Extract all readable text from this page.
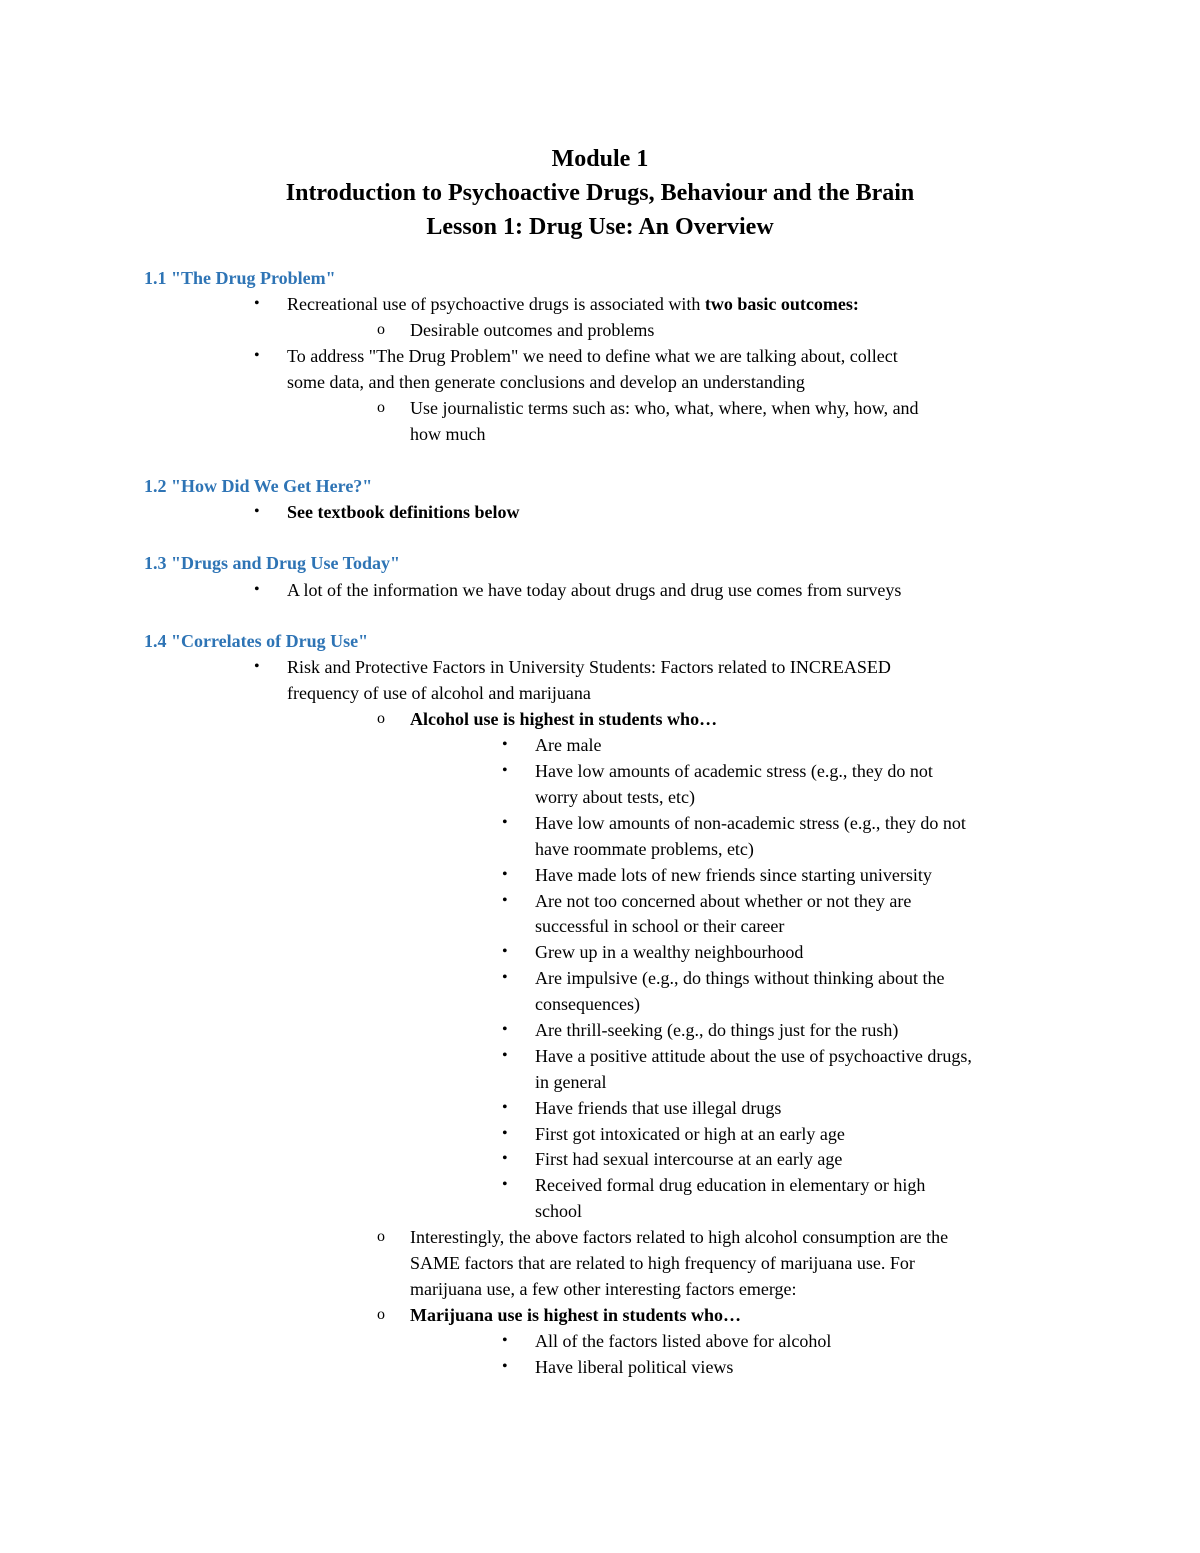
Module 1

Introduction to Psychoactive Drugs, Behaviour and the Brain

Lesson 1: Drug Use: An Overview

1.1 "The Drug Problem"

• Recreational use of psychoactive drugs is associated with two basic outcomes:
o Desirable outcomes and problems
• To address "The Drug Problem" we need to define what we are talking about, collect
some data, and then generate conclusions and develop an understanding
o Use journalistic terms such as: who, what, where, when why, how, and
how much

1.2 "How Did We Get Here?"

• See textbook definitions below

1.3 "Drugs and Drug Use Today"

• A lot of the information we have today about drugs and drug use comes from surveys

1.4 "Correlates of Drug Use"

• Risk and Protective Factors in University Students: Factors related to INCREASED
frequency of use of alcohol and marijuana
o Alcohol use is highest in students who…
• Are male
• Have low amounts of academic stress (e.g., they do not
worry about tests, etc)
• Have low amounts of non-academic stress (e.g., they do not
have roommate problems, etc)
• Have made lots of new friends since starting university
• Are not too concerned about whether or not they are
successful in school or their career
• Grew up in a wealthy neighbourhood
• Are impulsive (e.g., do things without thinking about the
consequences)
• Are thrill-seeking (e.g., do things just for the rush)
• Have a positive attitude about the use of psychoactive drugs,
in general
• Have friends that use illegal drugs
• First got intoxicated or high at an early age
• First had sexual intercourse at an early age
• Received formal drug education in elementary or high
school
o Interestingly, the above factors related to high alcohol consumption are the
SAME factors that are related to high frequency of marijuana use. For
marijuana use, a few other interesting factors emerge:
o Marijuana use is highest in students who…
• All of the factors listed above for alcohol
• Have liberal political views
